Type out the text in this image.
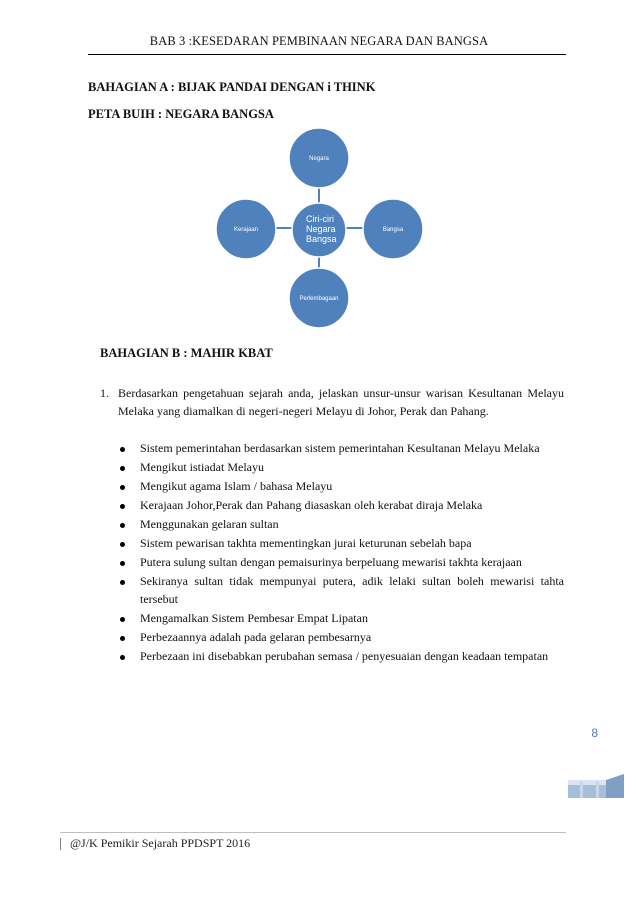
BAB 3 :KESEDARAN PEMBINAAN NEGARA DAN BANGSA
BAHAGIAN A : BIJAK PANDAI DENGAN i THINK
PETA BUIH : NEGARA BANGSA
Negara
Bangsa
Perlembagaan
Kerajaan
Ciri-ciri
Negara
Bangsa
BAHAGIAN B : MAHIR KBAT
1. Berdasarkan pengetahuan sejarah anda, jelaskan unsur-unsur warisan Kesultanan Melayu Melaka yang diamalkan di negeri-negeri Melayu di Johor, Perak dan Pahang.
Sistem pemerintahan berdasarkan sistem pemerintahan Kesultanan Melayu Melaka
Mengikut istiadat Melayu
Mengikut agama Islam / bahasa Melayu
Kerajaan Johor,Perak dan Pahang diasaskan oleh kerabat diraja Melaka
Menggunakan gelaran sultan
Sistem pewarisan takhta mementingkan jurai keturunan sebelah bapa
Putera sulung sultan dengan pemaisurinya berpeluang mewarisi takhta kerajaan
Sekiranya sultan tidak mempunyai putera, adik lelaki sultan boleh mewarisi tahta tersebut
Mengamalkan Sistem Pembesar Empat Lipatan
Perbezaannya adalah pada gelaran pembesarnya
Perbezaan ini disebabkan perubahan semasa / penyesuaian dengan keadaan tempatan
8
@J/K Pemikir Sejarah PPDSPT 2016
